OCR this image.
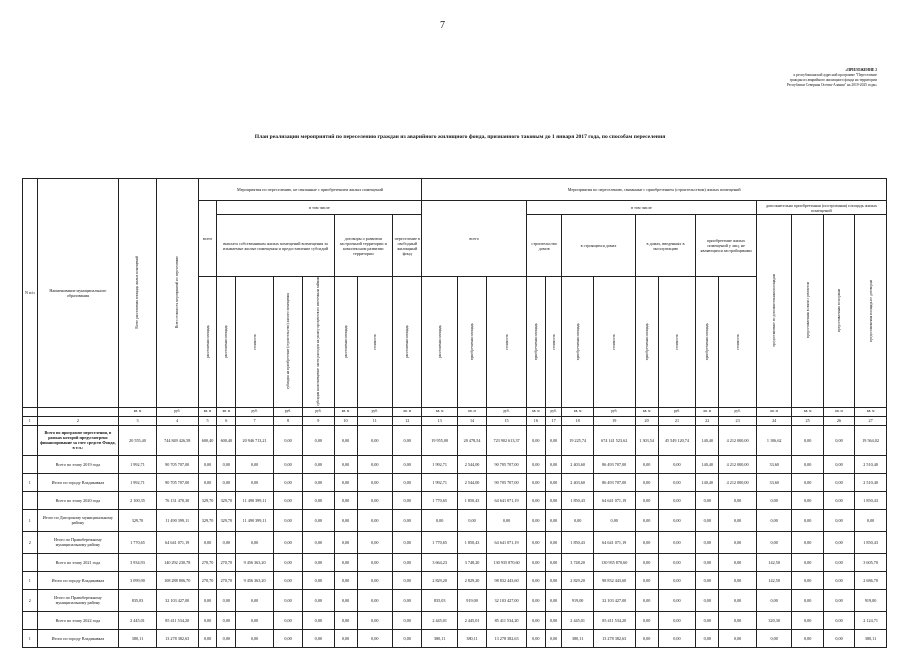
7
«ПРИЛОЖЕНИЕ 2
к республиканской адресной программе "Переселение
граждан из аварийного жилищного фонда на территории
Республики Северная Осетия-Алания" на 2019-2025 годы»
План реализации мероприятий по переселению граждан из аварийного жилищного фонда, признанного таковым до 1 января 2017 года, по способам переселения
N п/п	Наименование муниципального образования	Всего расселяемая площадь жилых помещений	Всего стоимость мероприятий по переселению	Мероприятия по переселению, не связанные с приобретением жилых помещений								Мероприятия по переселению, связанные с приобретением (строительством) жилых помещений														
				всего	в том числе							всего			в том числе								дополнительно приобретенная (построенная) площадь жилых помещений			
					выплата собственникам жилых помещений возмещения за изымаемые жилые помещения и предоставление субсидий				договоры о развитии застроенной территории и комплексном развитии территории		переселение в свободный жилищный фонд				строительство домов		в строящихся домах		в домах, введенных в эксплуатацию		приобретение жилых помещений у лиц, не являющихся застройщиками		предоставление по дополнительным площадям	предоставленная в связи с ремонтом	предоставленная по нормам	предоставляемая площадь по договорам
				расселяемая площадь	расселяемая площадь	стоимость	субсидия на приобретение (строительство) жилого помещения	субсидия на возмещение части расходов на уплату процентов по ипотечным займам	расселяемая площадь	стоимость	расселяемая площадь	расселяемая площадь	приобретаемая площадь	стоимость	приобретаемая площадь	стоимость	приобретаемая площадь	стоимость	приобретаемая площадь	стоимость	приобретаемая площадь	стоимость				
		кв. м	руб.	кв. м	кв. м	руб.	руб.	руб.	кв. м	руб.	кв. м	кв. м	кв. м	руб.	кв. м	руб.	кв. м	руб.	кв. м	руб.	кв. м	руб.	кв. м	кв. м	кв. м	кв. м
1	2	3	4	5	6	7	8	9	10	11	12	13	14	15	16	17	18	19	20	21	22	23	24	25	26	27
	Всего по программе переселения, в рамках которой предусмотрено финансирование за счет средств Фонда, в т.ч.:	20 555,40	744 849 426,58	600,40	600,40	20 946 713,21	0,00	0,00	0,00	0,00	0,00	19 955,00	20 478,54	723 902 613,37	0,00	0,00	19 225,74	674 141 523,62	1 303,54	45 549 120,74	140,40	4 212 000,00	1 106,62	0,00	0,00	19 564,02
	Всего по этапу 2019 года	1 992,71	90 705 707,00	0,00	0,00	0,00	0,00	0,00	0,00	0,00	0,00	1 992,71	2 544,00	90 705 707,00	0,00	0,00	2 403,60	86 493 707,00	0,00	0,00	140,40	4 212 000,00	33,60	0,00	0,00	2 510,40
1	Итого по городу Владикавказ	1 992,71	90 705 707,00	0,00	0,00	0,00	0,00	0,00	0,00	0,00	0,00	1 992,71	2 544,00	90 705 707,00	0,00	0,00	2 403,60	86 493 707,00	0,00	0,00	140,40	4 212 000,00	33,60	0,00	0,00	2 510,40
	Всего по этапу 2020 года	2 100,35	76 131 470,30	329,70	329,70	11 490 399,11	0,00	0,00	0,00	0,00	0,00	1 770,65	1 850,43	64 641 071,19	0,00	0,00	1 850,43	64 641 071,19	0,00	0,00	0,00	0,00	0,00	0,00	0,00	1 850,43
1	Итого по Дигорскому муниципальному району	329,70	11 490 399,11	329,70	329,70	11 490 399,11	0,00	0,00	0,00	0,00	0,00	0,00	0,00	0,00	0,00	0,00	0,00	0,00	0,00	0,00	0,00	0,00	0,00	0,00	0,00	0,00
2	Итого по Правобережному муниципальному району	1 770,65	64 641 071,19	0,00	0,00	0,00	0,00	0,00	0,00	0,00	0,00	1 770,65	1 850,43	64 641 071,19	0,00	0,00	1 850,43	64 641 071,19	0,00	0,00	0,00	0,00	0,00	0,00	0,00	1 850,43
	Всего по этапу 2021 года	3 934,93	140 292 230,78	270,70	270,70	9 456 363,20	0,00	0,00	0,00	0,00	0,00	3 664,23	3 748,20	130 935 870,60	0,00	0,00	3 748,20	130 935 870,60	0,00	0,00	0,00	0,00	142,50	0,00	0,00	3 605,70
1	Итого по городу Владикавказ	3 099,90	108 288 806,70	270,70	270,70	9 456 363,20	0,00	0,00	0,00	0,00	0,00	2 829,20	2 829,20	98 832 443,60	0,00	0,00	2 829,20	98 832 443,60	0,00	0,00	0,00	0,00	142,50	0,00	0,00	2 686,70
2	Итого по Правобережному муниципальному району	835,03	32 103 427,00	0,00	0,00	0,00	0,00	0,00	0,00	0,00	0,00	835,03	919,00	32 103 427,00	0,00	0,00	919,00	32 103 427,00	0,00	0,00	0,00	0,00	0,00	0,00	0,00	919,00
	Всего по этапу 2022 года	2 445,01	85 411 534,20	0,00	0,00	0,00	0,00	0,00	0,00	0,00	0,00	2 445,01	2 445,01	85 411 534,20	0,00	0,00	2 445,01	85 411 534,20	0,00	0,00	0,00	0,00	320,30	0,00	0,00	2 124,71
1	Итого по городу Владикавказ	380,11	13 278 382,63	0,00	0,00	0,00	0,00	0,00	0,00	0,00	0,00	380,11	380,11	13 278 382,63	0,00	0,00	380,11	13 278 382,63	0,00	0,00	0,00	0,00	0,00	0,00	0,00	380,11
